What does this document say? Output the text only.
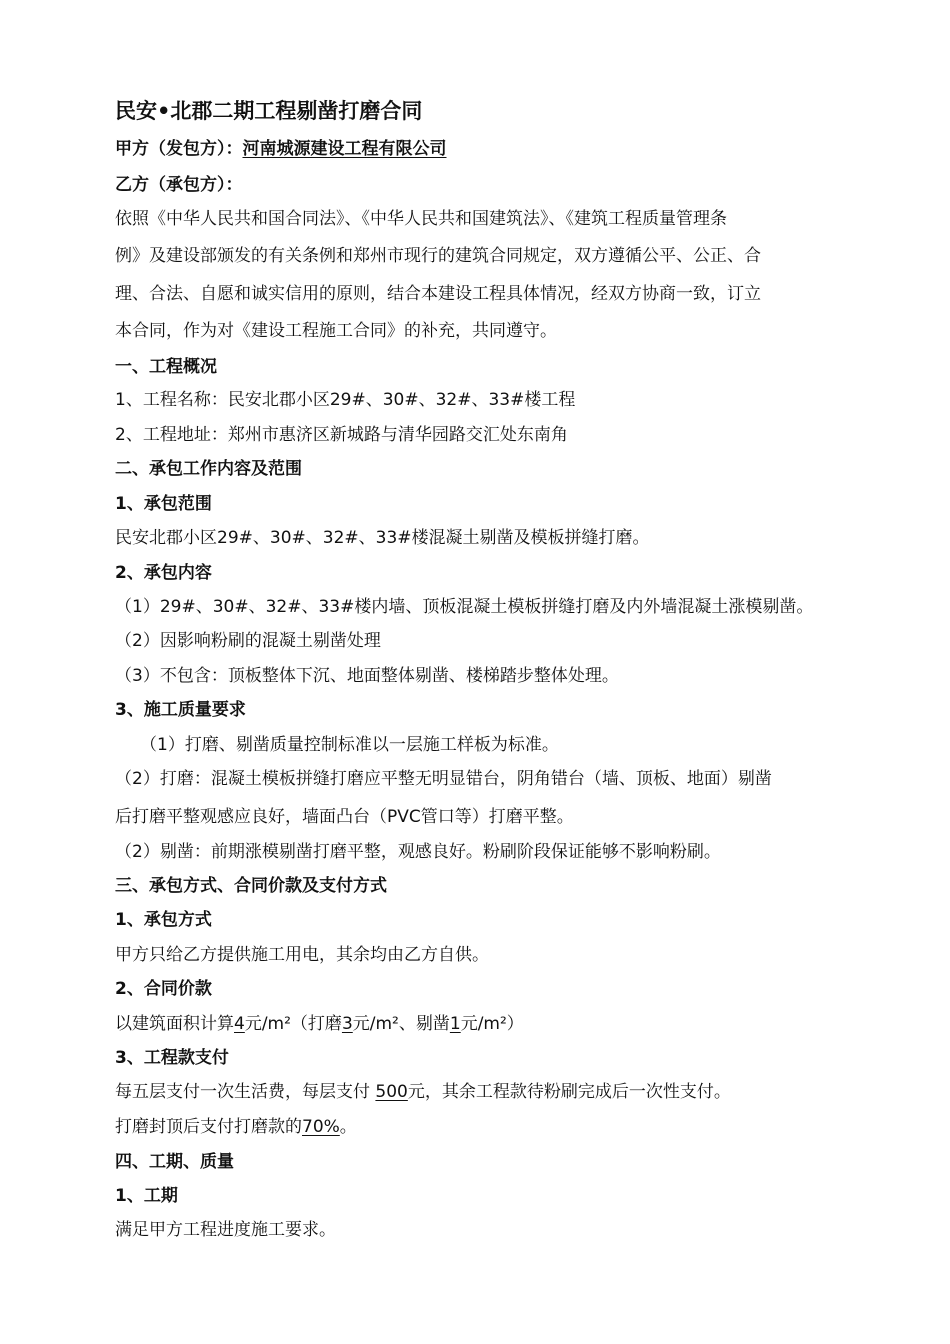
民安•北郡二期工程剔凿打磨合同
甲方（发包方）：河南城源建设工程有限公司
乙方（承包方）：
依照《中华人民共和国合同法》、《中华人民共和国建筑法》、《建筑工程质量管理条
例》及建设部颁发的有关条例和郑州市现行的建筑合同规定，双方遵循公平、公正、合
理、合法、自愿和诚实信用的原则，结合本建设工程具体情况，经双方协商一致，订立
本合同，作为对《建设工程施工合同》的补充，共同遵守。
一、工程概况
1、工程名称：民安北郡小区29#、30#、32#、33#楼工程
2、工程地址：郑州市惠济区新城路与清华园路交汇处东南角
二、承包工作内容及范围
1、承包范围
民安北郡小区29#、30#、32#、33#楼混凝土剔凿及模板拼缝打磨。
2、承包内容
（1）29#、30#、32#、33#楼内墙、顶板混凝土模板拼缝打磨及内外墙混凝土涨模剔凿。
（2）因影响粉刷的混凝土剔凿处理
（3）不包含：顶板整体下沉、地面整体剔凿、楼梯踏步整体处理。
3、施工质量要求
（1）打磨、剔凿质量控制标准以一层施工样板为标准。
（2）打磨：混凝土模板拼缝打磨应平整无明显错台，阴角错台（墙、顶板、地面）剔凿
后打磨平整观感应良好，墙面凸台（PVC管口等）打磨平整。
（2）剔凿：前期涨模剔凿打磨平整，观感良好。粉刷阶段保证能够不影响粉刷。
三、承包方式、合同价款及支付方式
1、承包方式
甲方只给乙方提供施工用电，其余均由乙方自供。
2、合同价款
以建筑面积计算4元/m²（打磨3元/m²、剔凿1元/m²）
3、工程款支付
每五层支付一次生活费，每层支付 500元，其余工程款待粉刷完成后一次性支付。
打磨封顶后支付打磨款的70%。
四、工期、质量
1、工期
满足甲方工程进度施工要求。
